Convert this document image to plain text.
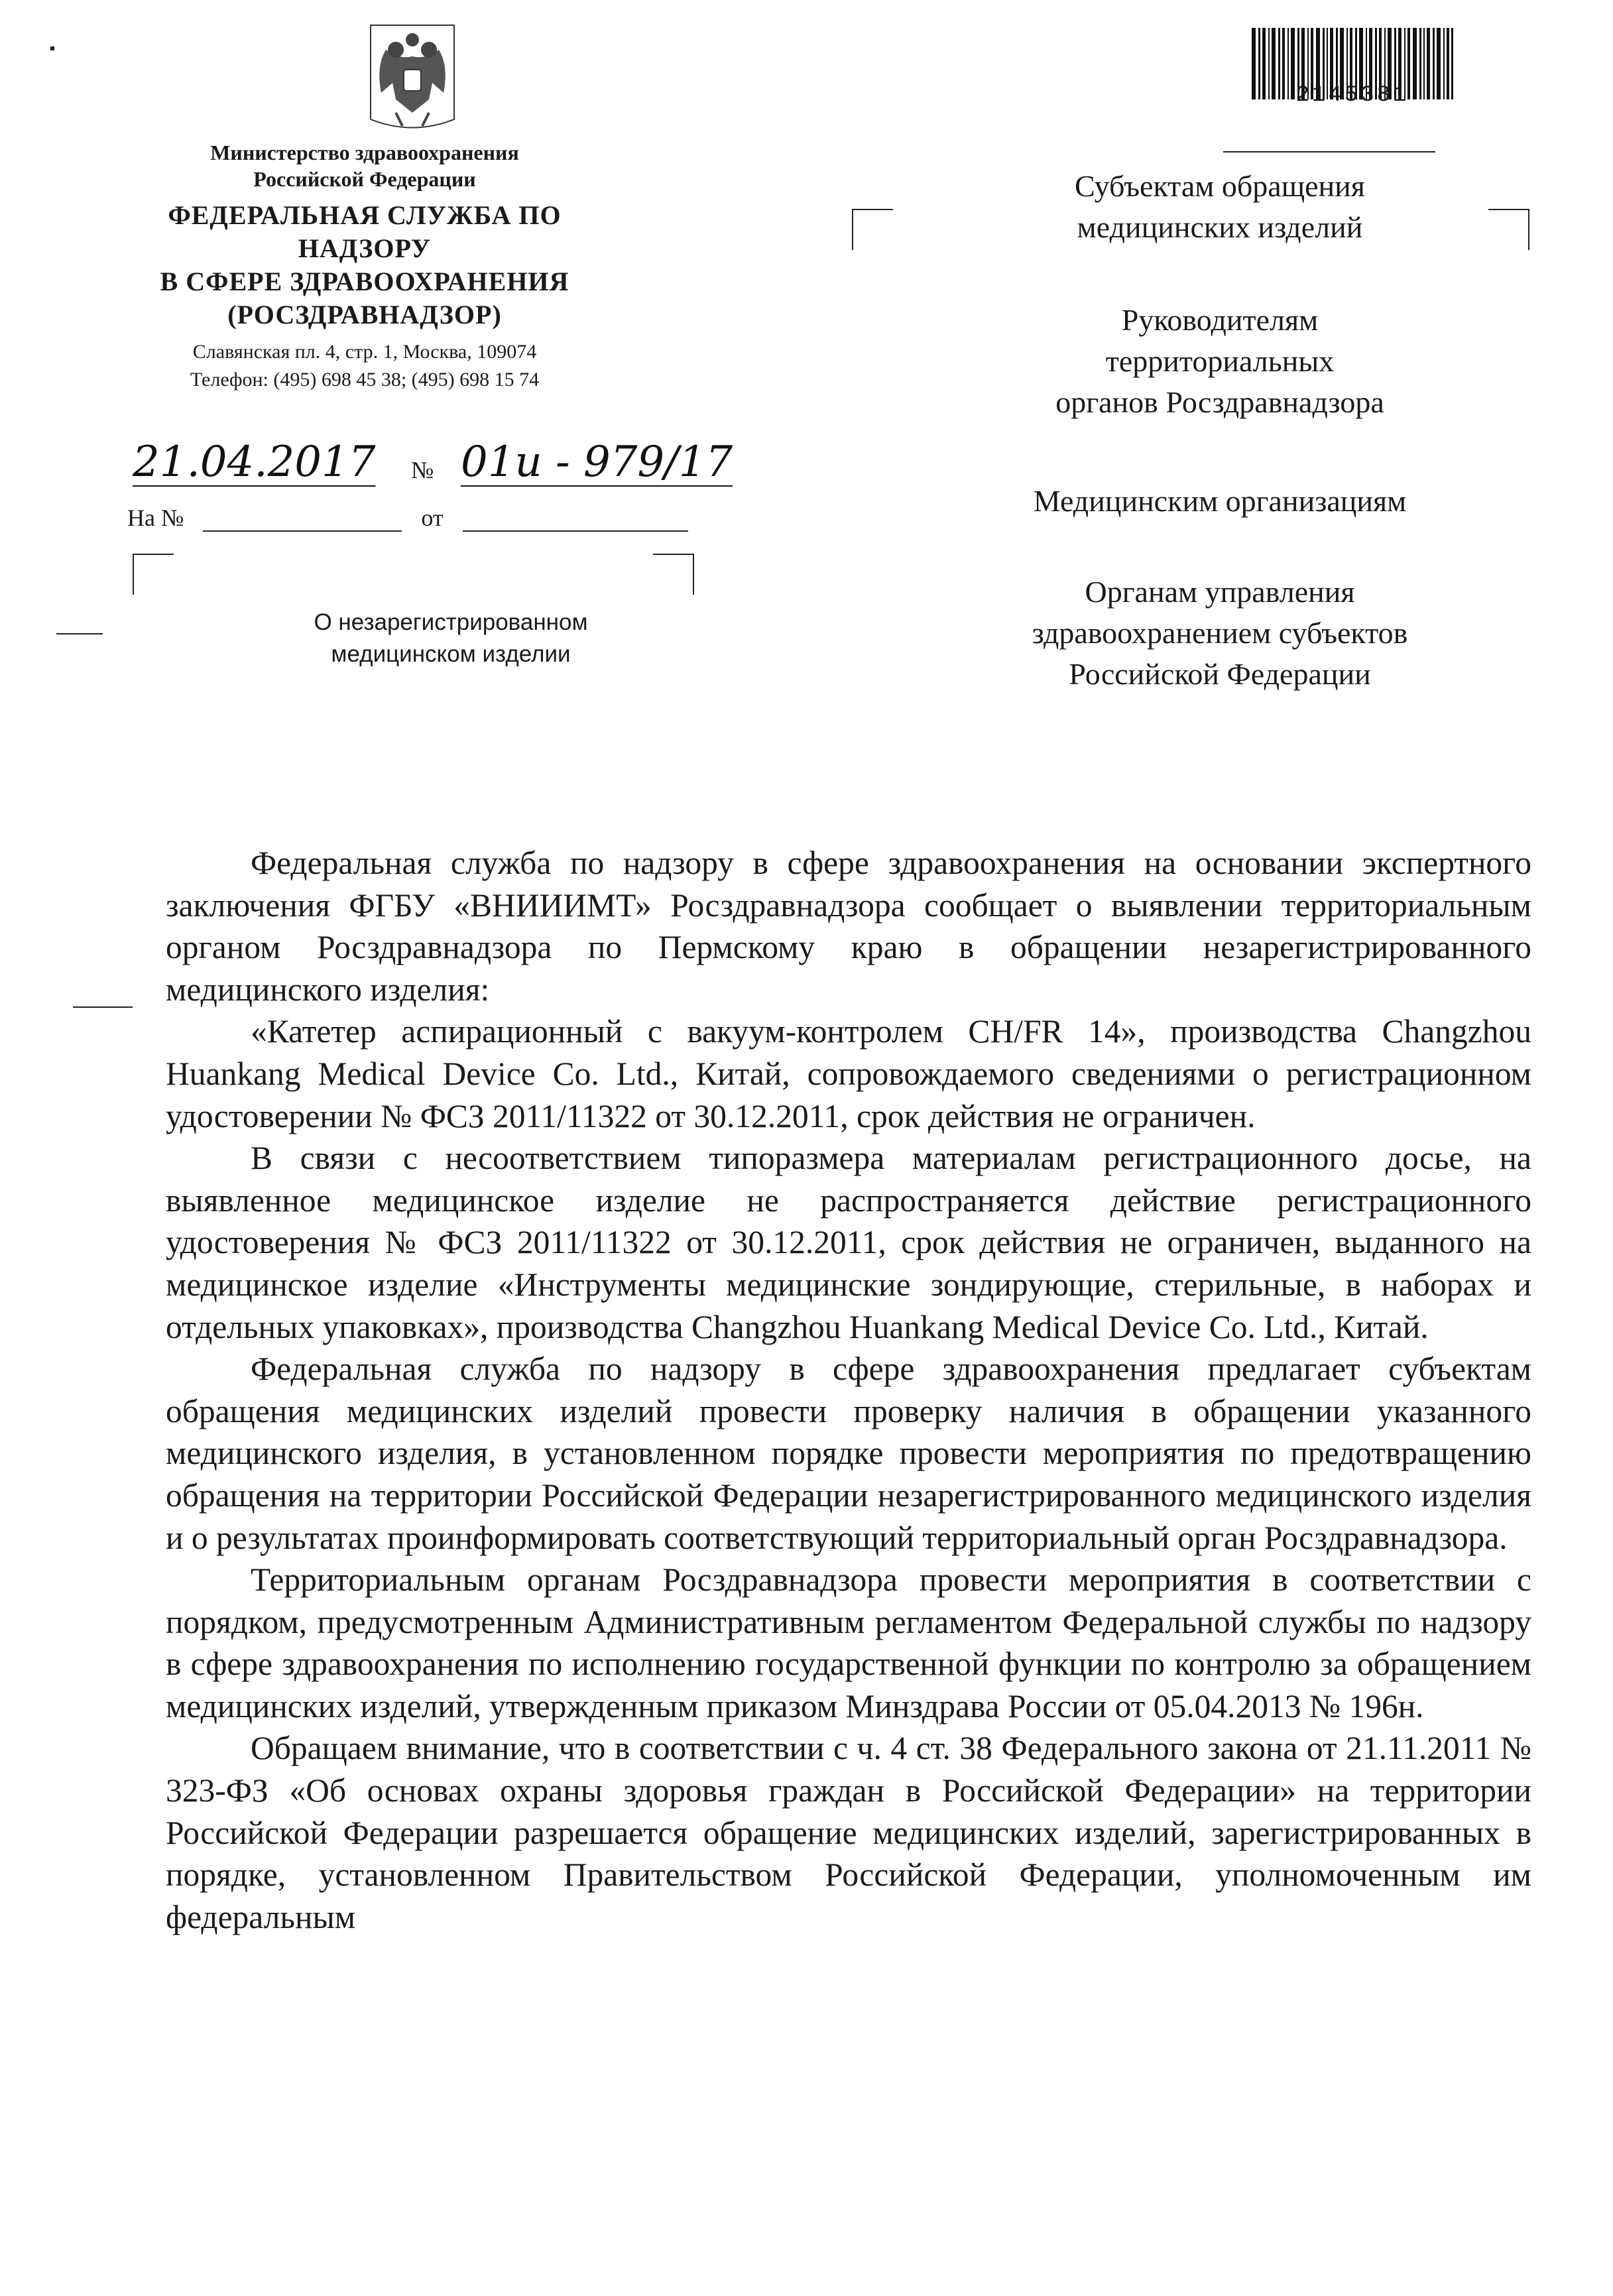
Министерство здравоохранения
Российской Федерации
ФЕДЕРАЛЬНАЯ СЛУЖБА ПО НАДЗОРУ
В СФЕРЕ ЗДРАВООХРАНЕНИЯ
(РОСЗДРАВНАДЗОР)
Славянская пл. 4, стр. 1, Москва, 109074
Телефон: (495) 698 45 38; (495) 698 15 74
21.04.2017 № 01и - 979/17
На №	от
О незарегистрированном
медицинском изделии
2145381
Субъектам обращения
медицинских изделий
Руководителям
территориальных
органов Росздравнадзора
Медицинским организациям
Органам управления
здравоохранением субъектов
Российской Федерации

Федеральная служба по надзору в сфере здравоохранения на основании экспертного заключения ФГБУ «ВНИИИМТ» Росздравнадзора сообщает о выявлении территориальным органом Росздравнадзора по Пермскому краю в обращении незарегистрированного медицинского изделия:

«Катетер аспирационный с вакуум-контролем CH/FR 14», производства Changzhou Huankang Medical Device Co. Ltd., Китай, сопровождаемого сведениями о регистрационном удостоверении № ФСЗ 2011/11322 от 30.12.2011, срок действия не ограничен.

В связи с несоответствием типоразмера материалам регистрационного досье, на выявленное медицинское изделие не распространяется действие регистрационного удостоверения № ФСЗ 2011/11322 от 30.12.2011, срок действия не ограничен, выданного на медицинское изделие «Инструменты медицинские зондирующие, стерильные, в наборах и отдельных упаковках», производства Changzhou Huankang Medical Device Co. Ltd., Китай.

Федеральная служба по надзору в сфере здравоохранения предлагает субъектам обращения медицинских изделий провести проверку наличия в обращении указанного медицинского изделия, в установленном порядке провести мероприятия по предотвращению обращения на территории Российской Федерации незарегистрированного медицинского изделия и о результатах проинформировать соответствующий территориальный орган Росздравнадзора.

Территориальным органам Росздравнадзора провести мероприятия в соответствии с порядком, предусмотренным Административным регламентом Федеральной службы по надзору в сфере здравоохранения по исполнению государственной функции по контролю за обращением медицинских изделий, утвержденным приказом Минздрава России от 05.04.2013 № 196н.

Обращаем внимание, что в соответствии с ч. 4 ст. 38 Федерального закона от 21.11.2011 № 323-ФЗ «Об основах охраны здоровья граждан в Российской Федерации» на территории Российской Федерации разрешается обращение медицинских изделий, зарегистрированных в порядке, установленном Правительством Российской Федерации, уполномоченным им федеральным
